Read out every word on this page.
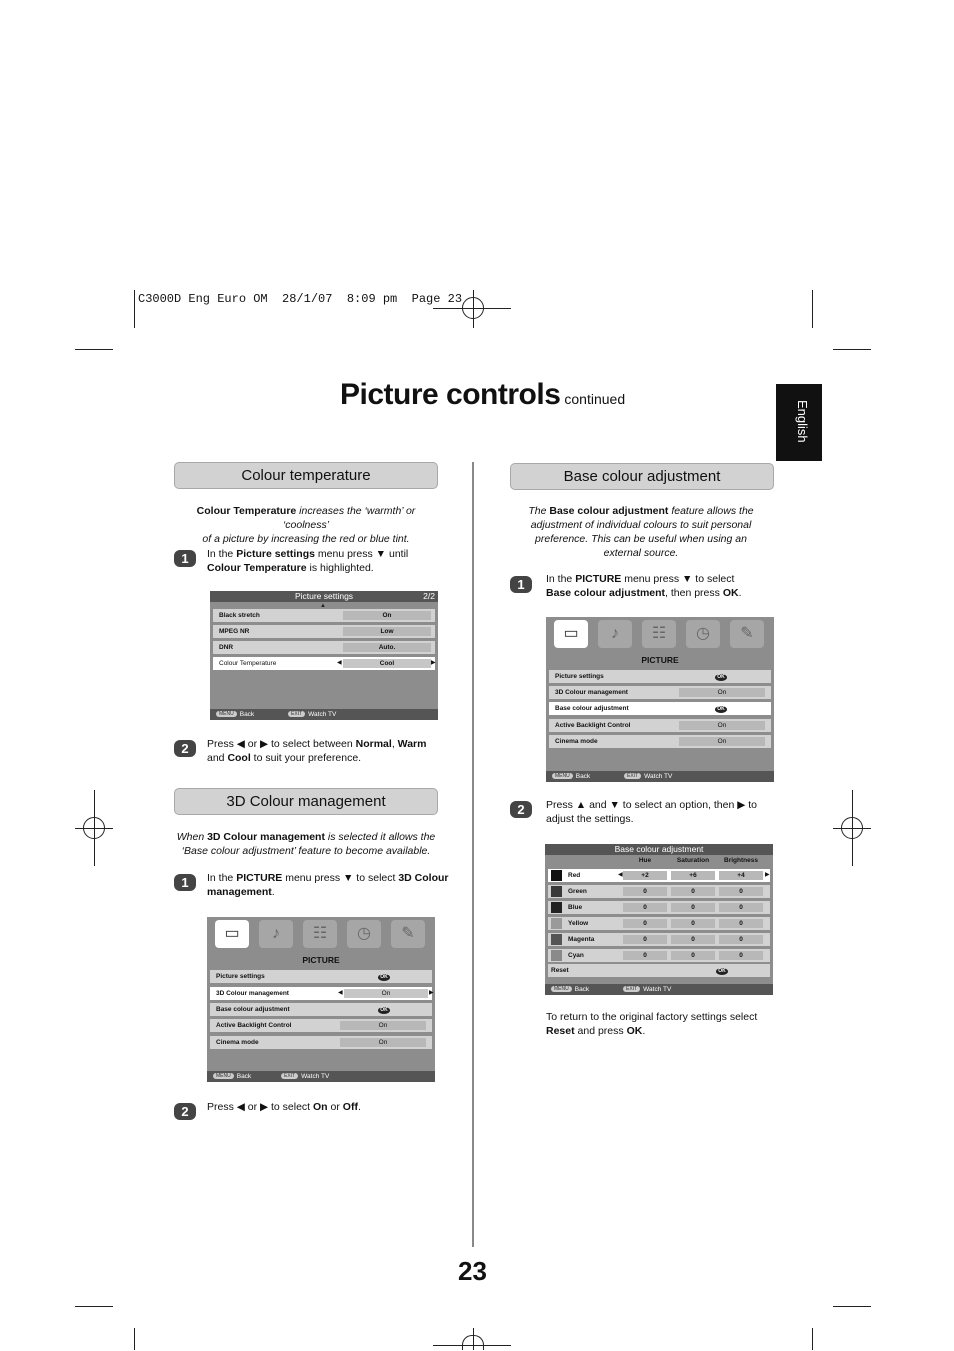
C3000D Eng Euro OM  28/1/07  8:09 pm  Page 23
Picture controls continued
English
Colour temperature
Colour Temperature increases the ‘warmth’ or ‘coolness’
of a picture by increasing the red or blue tint.
1	In the Picture settings menu press ▼ until
Colour Temperature is highlighted.
Picture settings	2/2
▲
Black stretch	On
MPEG NR	Low
DNR	Auto.
Colour Temperature	◀	Cool	▶
MENU Back	EXIT Watch TV
2	Press ◀ or ▶ to select between Normal, Warm
and Cool to suit your preference.
3D Colour management
When 3D Colour management is selected it allows the
‘Base colour adjustment’ feature to become available.
1	In the PICTURE menu press ▼ to select 3D Colour
management.
▭	♪	☷	◷	✎
PICTURE
Picture settings	OK
3D Colour management	◀	On	▶
Base colour adjustment	OK
Active Backlight Control	On
Cinema mode	On
MENU Back	EXIT Watch TV
2	Press ◀ or ▶ to select On or Off.
Base colour adjustment
The Base colour adjustment feature allows the
adjustment of individual colours to suit personal
preference. This can be useful when using an
external source.
1	In the PICTURE menu press ▼ to select
Base colour adjustment, then press OK.
▭	♪	☷	◷	✎
PICTURE
Picture settings	OK
3D Colour management	On
Base colour adjustment	OK
Active Backlight Control	On
Cinema mode	On
MENU Back	EXIT Watch TV
2	Press ▲ and ▼ to select an option, then ▶ to
adjust the settings.
Base colour adjustment
Hue	Saturation	Brightness
Red	+2	+6	+4
◀	▶
Green	0	0	0
Blue	0	0	0
Yellow	0	0	0
Magenta	0	0	0
Cyan	0	0	0
Reset	OK
MENU Back	EXIT Watch TV
To return to the original factory settings select
Reset and press OK.
23
